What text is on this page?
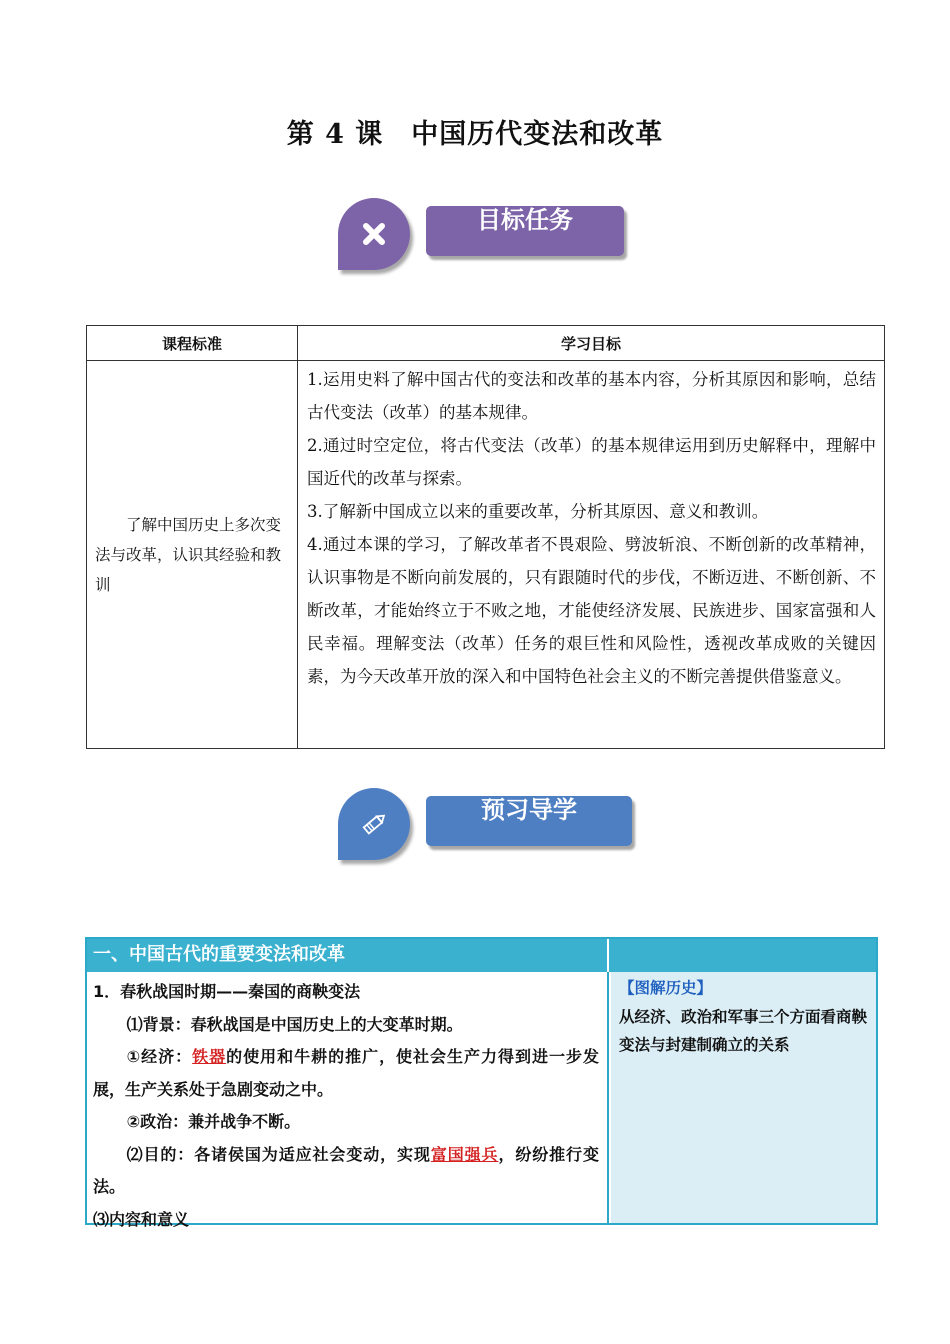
第 4 课　中国历代变法和改革
目标任务
课程标准	学习目标
了解中国历史上多次变法与改革，认识其经验和教训	1.运用史料了解中国古代的变法和改革的基本内容，分析其原因和影响，总结古代变法（改革）的基本规律。

2.通过时空定位，将古代变法（改革）的基本规律运用到历史解释中，理解中国近代的改革与探索。

3.了解新中国成立以来的重要改革，分析其原因、意义和教训。

4.通过本课的学习，了解改革者不畏艰险、劈波斩浪、不断创新的改革精神，认识事物是不断向前发展的，只有跟随时代的步伐，不断迈进、不断创新、不断改革，才能始终立于不败之地，才能使经济发展、民族进步、国家富强和人民幸福。理解变法（改革）任务的艰巨性和风险性，透视改革成败的关键因素，为今天改革开放的深入和中国特色社会主义的不断完善提供借鉴意义。

预习导学
一、中国古代的重要变法和改革

1．春秋战国时期——秦国的商鞅变法

⑴背景：春秋战国是中国历史上的大变革时期。

①经济：铁器的使用和牛耕的推广，使社会生产力得到进一步发展，生产关系处于急剧变动之中。

②政治：兼并战争不断。

⑵目的：各诸侯国为适应社会变动，实现富国强兵，纷纷推行变法。

⑶内容和意义

【图解历史】
从经济、政治和军事三个方面看商鞅变法与封建制确立的关系
